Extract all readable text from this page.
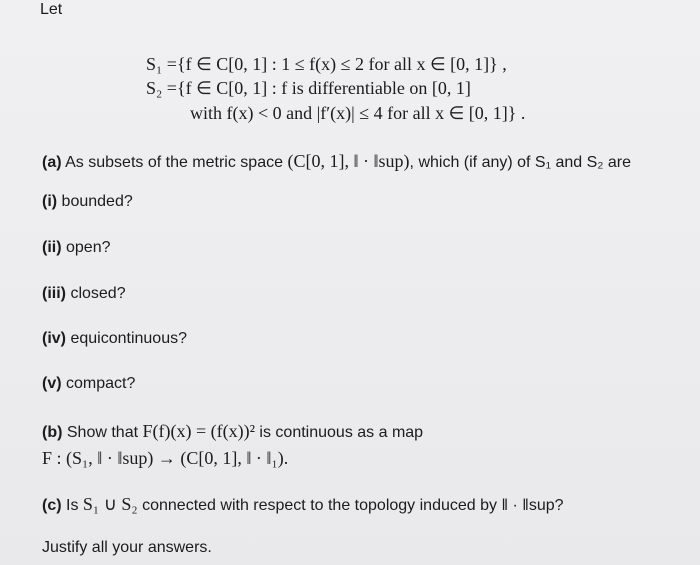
Let
S₁ ={f ∈ C[0, 1] : 1 ≤ f(x) ≤ 2 for all x ∈ [0, 1]} ,
S₂ ={f ∈ C[0, 1] : f is differentiable on [0, 1]
with f(x) < 0 and |f′(x)| ≤ 4 for all x ∈ [0, 1]} .
(a) As subsets of the metric space (C[0, 1], ‖ · ‖sup), which (if any) of S₁ and S₂ are
(i) bounded?
(ii) open?
(iii) closed?
(iv) equicontinuous?
(v) compact?
(b) Show that F(f)(x) = (f(x))² is continuous as a map
F : (S₁, ‖ · ‖sup) → (C[0, 1], ‖ · ‖₁).
(c) Is S₁ ∪ S₂ connected with respect to the topology induced by ‖ · ‖sup?
Justify all your answers.
